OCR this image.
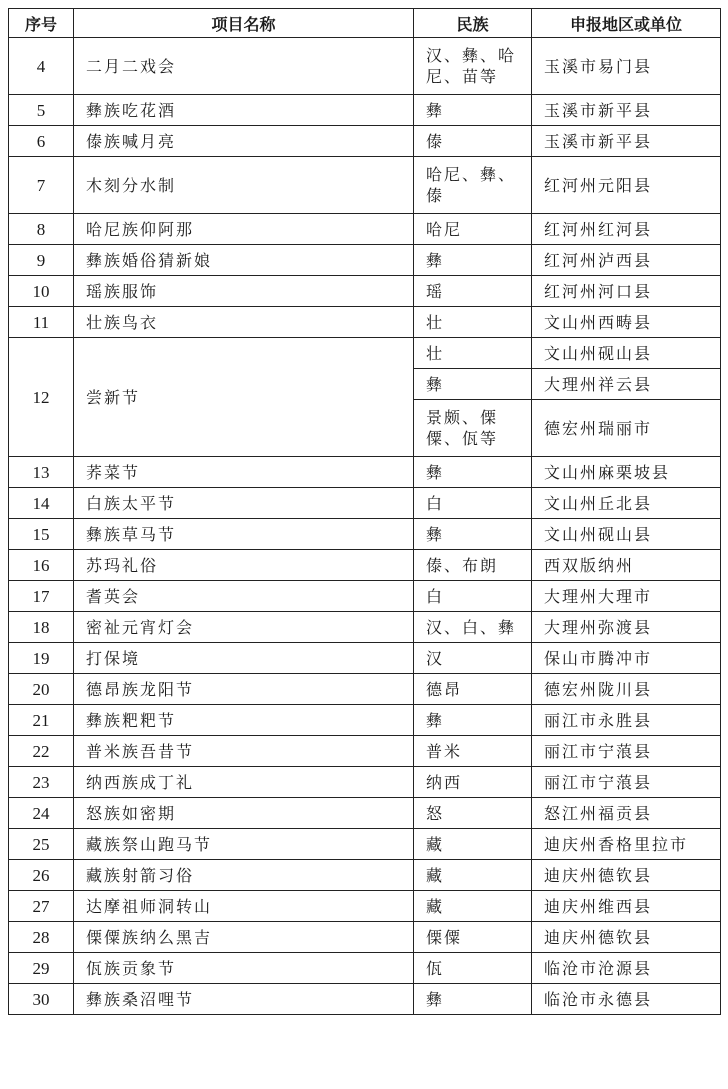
序号	项目名称	民族	申报地区或单位
4	二月二戏会	汉、彝、哈尼、苗等	玉溪市易门县
5	彝族吃花酒	彝	玉溪市新平县
6	傣族喊月亮	傣	玉溪市新平县
7	木刻分水制	哈尼、彝、傣	红河州元阳县
8	哈尼族仰阿那	哈尼	红河州红河县
9	彝族婚俗猜新娘	彝	红河州泸西县
10	瑶族服饰	瑶	红河州河口县
11	壮族鸟衣	壮	文山州西畴县
12	尝新节	壮	文山州砚山县
		彝	大理州祥云县
		景颇、傈僳、佤等	德宏州瑞丽市
13	荞菜节	彝	文山州麻栗坡县
14	白族太平节	白	文山州丘北县
15	彝族草马节	彝	文山州砚山县
16	苏玛礼俗	傣、布朗	西双版纳州
17	耆英会	白	大理州大理市
18	密祉元宵灯会	汉、白、彝	大理州弥渡县
19	打保境	汉	保山市腾冲市
20	德昂族龙阳节	德昂	德宏州陇川县
21	彝族粑粑节	彝	丽江市永胜县
22	普米族吾昔节	普米	丽江市宁蒗县
23	纳西族成丁礼	纳西	丽江市宁蒗县
24	怒族如密期	怒	怒江州福贡县
25	藏族祭山跑马节	藏	迪庆州香格里拉市
26	藏族射箭习俗	藏	迪庆州德钦县
27	达摩祖师洞转山	藏	迪庆州维西县
28	傈僳族纳么黑吉	傈僳	迪庆州德钦县
29	佤族贡象节	佤	临沧市沧源县
30	彝族桑沼哩节	彝	临沧市永德县
